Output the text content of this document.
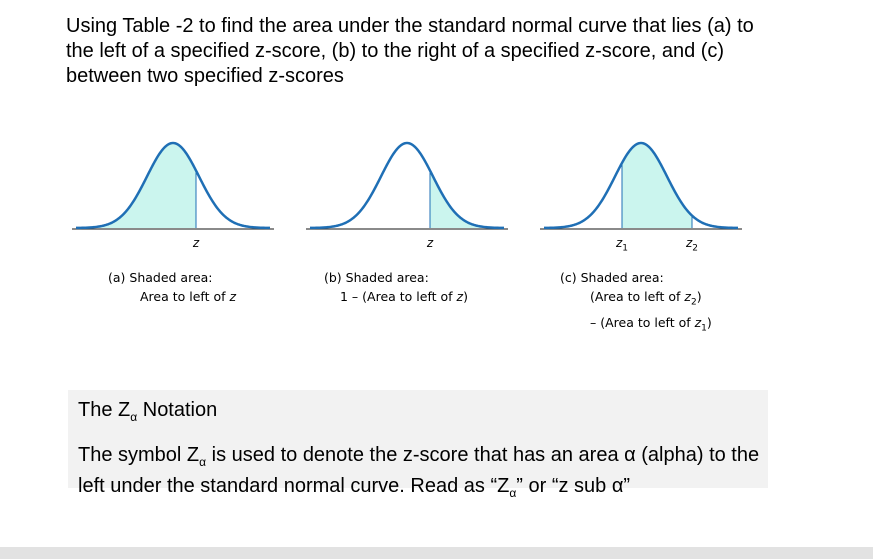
Using Table -2 to find the area under the standard normal curve that lies (a) to the left of a specified z-score, (b) to the right of a specified z-score, and (c) between two specified z-scores

z
(a) Shaded area:
Area to left of z
z
(b) Shaded area:
1 – (Area to left of z)
$z_1$	$z_2$
(c) Shaded area:
(Area to left of $z_2$)
– (Area to left of $z_1$)
The $Z_\alpha$ Notation
The symbol $Z_\alpha$ is used to denote the z-score that has an area α (alpha) to the left under the standard normal curve. Read as “$Z_\alpha$” or “z sub α”
